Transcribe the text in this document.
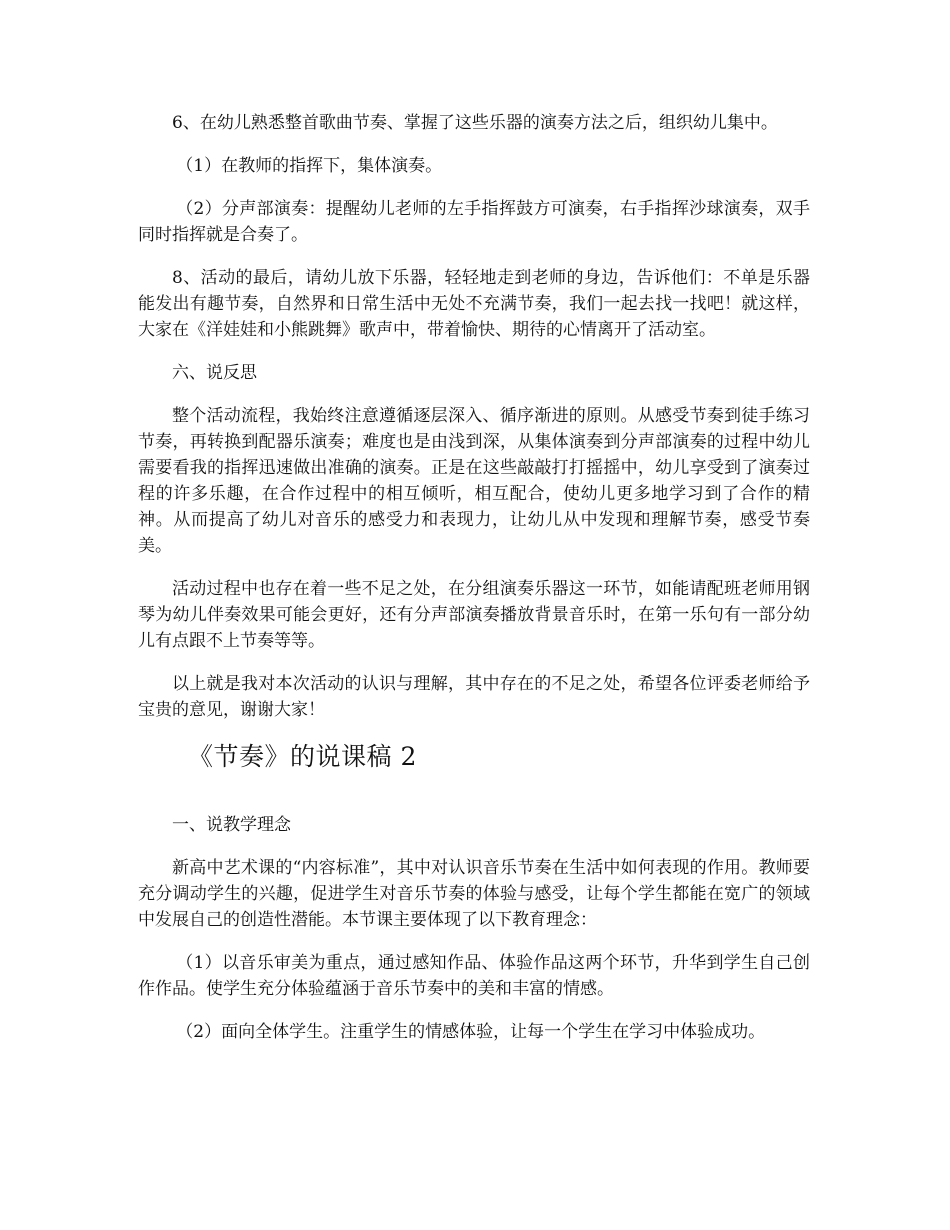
6、在幼儿熟悉整首歌曲节奏、掌握了这些乐器的演奏方法之后，组织幼儿集中。

（1）在教师的指挥下，集体演奏。

（2）分声部演奏：提醒幼儿老师的左手指挥鼓方可演奏，右手指挥沙球演奏，双手同时指挥就是合奏了。

8、活动的最后，请幼儿放下乐器，轻轻地走到老师的身边，告诉他们：不单是乐器能发出有趣节奏，自然界和日常生活中无处不充满节奏，我们一起去找一找吧！就这样，大家在《洋娃娃和小熊跳舞》歌声中，带着愉快、期待的心情离开了活动室。

六、说反思

整个活动流程，我始终注意遵循逐层深入、循序渐进的原则。从感受节奏到徒手练习节奏，再转换到配器乐演奏；难度也是由浅到深，从集体演奏到分声部演奏的过程中幼儿需要看我的指挥迅速做出准确的演奏。正是在这些敲敲打打摇摇中，幼儿享受到了演奏过程的许多乐趣，在合作过程中的相互倾听，相互配合，使幼儿更多地学习到了合作的精神。从而提高了幼儿对音乐的感受力和表现力，让幼儿从中发现和理解节奏，感受节奏美。

活动过程中也存在着一些不足之处，在分组演奏乐器这一环节，如能请配班老师用钢琴为幼儿伴奏效果可能会更好，还有分声部演奏播放背景音乐时，在第一乐句有一部分幼儿有点跟不上节奏等等。

以上就是我对本次活动的认识与理解，其中存在的不足之处，希望各位评委老师给予宝贵的意见，谢谢大家！

《节奏》的说课稿 2

一、说教学理念

新高中艺术课的“内容标准”，其中对认识音乐节奏在生活中如何表现的作用。教师要充分调动学生的兴趣，促进学生对音乐节奏的体验与感受，让每个学生都能在宽广的领域中发展自己的创造性潜能。本节课主要体现了以下教育理念：

（1）以音乐审美为重点，通过感知作品、体验作品这两个环节，升华到学生自己创作作品。使学生充分体验蕴涵于音乐节奏中的美和丰富的情感。

（2）面向全体学生。注重学生的情感体验，让每一个学生在学习中体验成功。
